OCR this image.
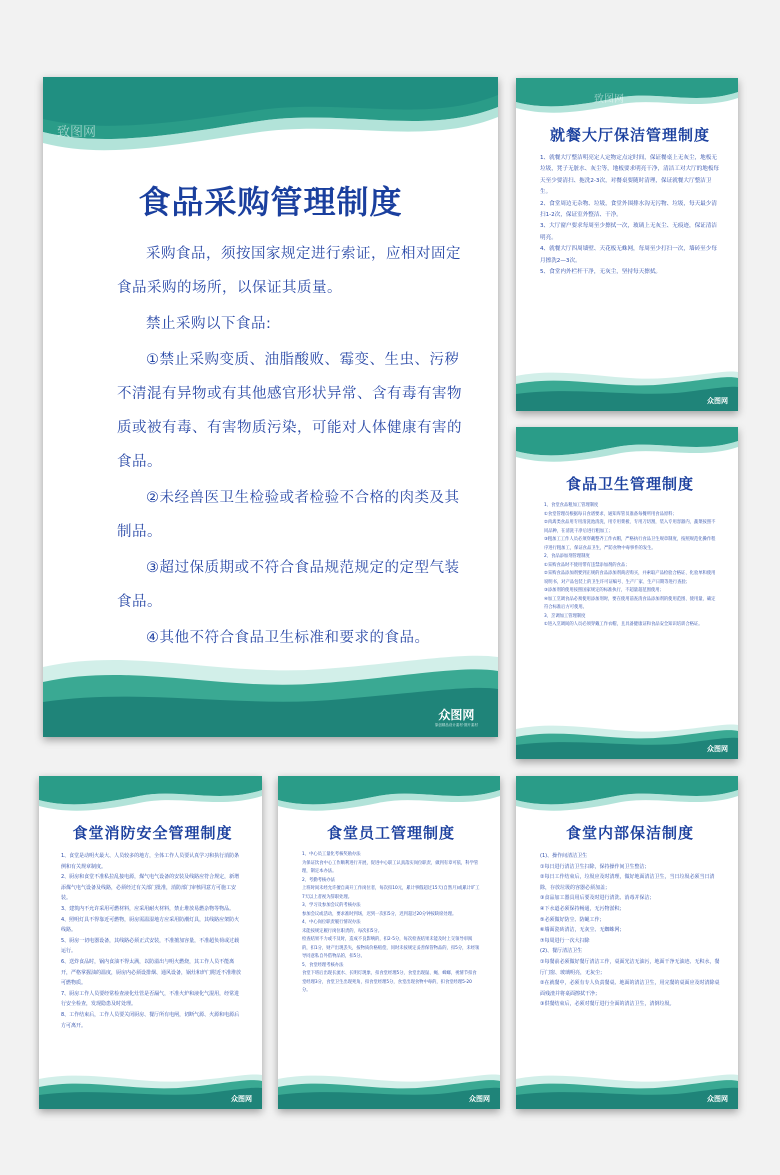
致图网
食品采购管理制度

采购食品，须按国家规定进行索证，应相对固定食品采购的场所，以保证其质量。

禁止采购以下食品:

①禁止采购变质、油脂酸败、霉变、生虫、污秽不清混有异物或有其他感官形状异常、含有毒有害物质或被有毒、有害物质污染，可能对人体健康有害的食品。

②未经兽医卫生检验或者检验不合格的肉类及其制品。

③超过保质期或不符合食品规范规定的定型气装食品。

④其他不符合食品卫生标准和要求的食品。

众图网
原创精品设计素材·图片素材
致图网
就餐大厅保洁管理制度

1、就餐大厅整洁明亮定人定物定点定时间，保证餐桌上无灰尘，地板无垃圾，凳子无脏水、灰尘等，地板要求明亮干净，清洁工对大厅的地板每天至少要清扫、拖洗2-3次，对餐桌要随时清理，保证就餐大厅整洁卫生。

2、食堂周边无杂物、垃圾，食堂外围排水沟无污物、垃圾，每天最少清扫1-2次，保证室外整洁、干净。

3、大厅窗户要求每周至少擦拭一次，玻璃上无灰尘、无痕迹，保证清洁明亮。

4、就餐大厅四周墙壁、天花板无蛛网，每周至少打扫一次，墙砖至少每月擦洗2—3次。

5、食堂内外栏杆干净，无灰尘，坚持每天擦拭。

众图网
食品卫生管理制度

1、食堂食品粗加工管理制度

①食堂管理员根据每日食谱要求，通知库管员准备每餐所用食品原料；

②肉禽类食品用专用清洗池清洗，用专用菜板、专用刀切割，装入专用容器内，蔬菜按照不同品种，在清洗干净后进行粗加工；

③粗加工工作人员必须穿戴整齐工作衣帽，严格执行食品卫生规章制度，按照规范化操作程序进行粗加工，保证食品卫生，严防食物中毒事件的发生。

2、食品添加剂管理制度

①采购食品时不使用带有违禁添加剂的食品；

②采购食品添加剂要到正规的食品添加剂商店购买，并索取产品检验合格证、化验单和使用说明书，对产品包装上的卫生许可证编号、生产厂家、生产日期等进行查验；

③添加剂的使用按照国家规定的标准执行，不超量超范围使用；

④加工烹调食品必须使用添加剂时，要在使用前查清食品添加剂的使用范围、使用量，确定符合标准后方可使用。

3、烹调加工管理制度

①进入烹调间的人员必须穿戴工作衣帽，且具备健康证和食品安全知识培训合格证。

众图网
食堂消防安全管理制度

1、食堂是动明火最大、人员较多的地方，全体工作人员要认真学习和执行消防条例和有关规章制度。

2、厨房和食堂不准私拉乱接电源，煤气电气设备的安装及线路应符合规定，新增添煤气电气设备及线路，必须经过有关部门批准，消防部门审核同意方可施工安装。

3、建筑内不允许采用可燃材料，应采用耐火材料，禁止堆放易燃杂物等物品。

4、照明灯具不得靠近可燃物，厨房需温湿地方应采用防潮灯具，其线路应架防火线路。

5、厨房一切电器设备，其线路必须正式安装，不准擅加容量，不准超负荷或过载运行。

6、送炸食品时，锅内食油不得太满，以防溢出与明火燃烧，其工作人员不能离开，严格掌握油的温度，厨房内必须设排烟、通风设备，锅灶和炉门附近不准堆放可燃物质。

7、厨房工作人员要经常检查液化灶管是否漏气，不准火炉和液化气混用，经常进行安全检查，发现隐患及时处理。

8、工作结束后，工作人员要关闭厨房、餐厅所有电闸，切断气源、火源和电源后方可离开。

众图网
食堂员工管理制度

1、中心员工量化考核奖励办法

为保证饮食中心工作顺利进行开展，促进中心职工认真落实岗位职责，做到有章可依，科学管理，制定本办法。

2、考勤考核办法

上班时间未经允许擅自离开工作岗位者，每次扣10元，累计事假超过15天(自然月)或累计旷工7天以上者视为辞职处理。

3、学习及参加会议的考核办法

参加会议或活动，要求准时到场，迟到一次扣5分，迟到超过20分钟按缺席处理。

4、中心岗位职责履行情况办法

未能按规定履行岗位职责的，每次扣5分。

检查结果不力或不及时，造成不良影响的，扣2-5分，每次检查结果未能及时上交领导审阅的，扣1分，财产出现丢失，按物质价格赔偿，同时未按规定妥善保管物品的，扣5分，未经领导同意私自外借物品的，扣5分。

5、食堂经理考核办法

食堂下班后出现长流水、长明灯现象，扣食堂经理5分，食堂出现鼠、蝇、蟑螂，视情节扣食堂经理3分，食堂卫生出现死角，扣食堂经理5分，食堂出现食物中毒的，扣食堂经理5-20分。

众图网
食堂内部保洁制度

(1)、操作间清洁卫生

①每日进行清洁卫生扫除，保持操作间卫生整洁；

②每日工作结束后，垃圾应及时清理，做好地面清洁卫生，当日垃圾必须当日清除，存放垃圾的容器必须加盖；

③食品加工器具用后要及时进行清洗、消毒并保洁；

④下水道必须保持畅通，无污物淤积；

⑤必须做好防尘、防蝇工作；

⑥墙面瓷砖清洁，无灰尘、无蜘蛛网；

⑦每周进行一次大扫除

(2)、餐厅清洁卫生

①每餐前必须做好餐厅清洁工作，桌面光洁无油污，地面干净无油迹、无积水，餐厅门窗、玻璃明亮，无灰尘；

②在就餐中，必须有专人负责餐桌、地面的清洁卫生，用完餐的桌面应及时清除桌面残渣并将桌面擦拭干净；

③供餐结束后，必须对餐厅进行全面的清洁卫生，清倒垃圾。

众图网
